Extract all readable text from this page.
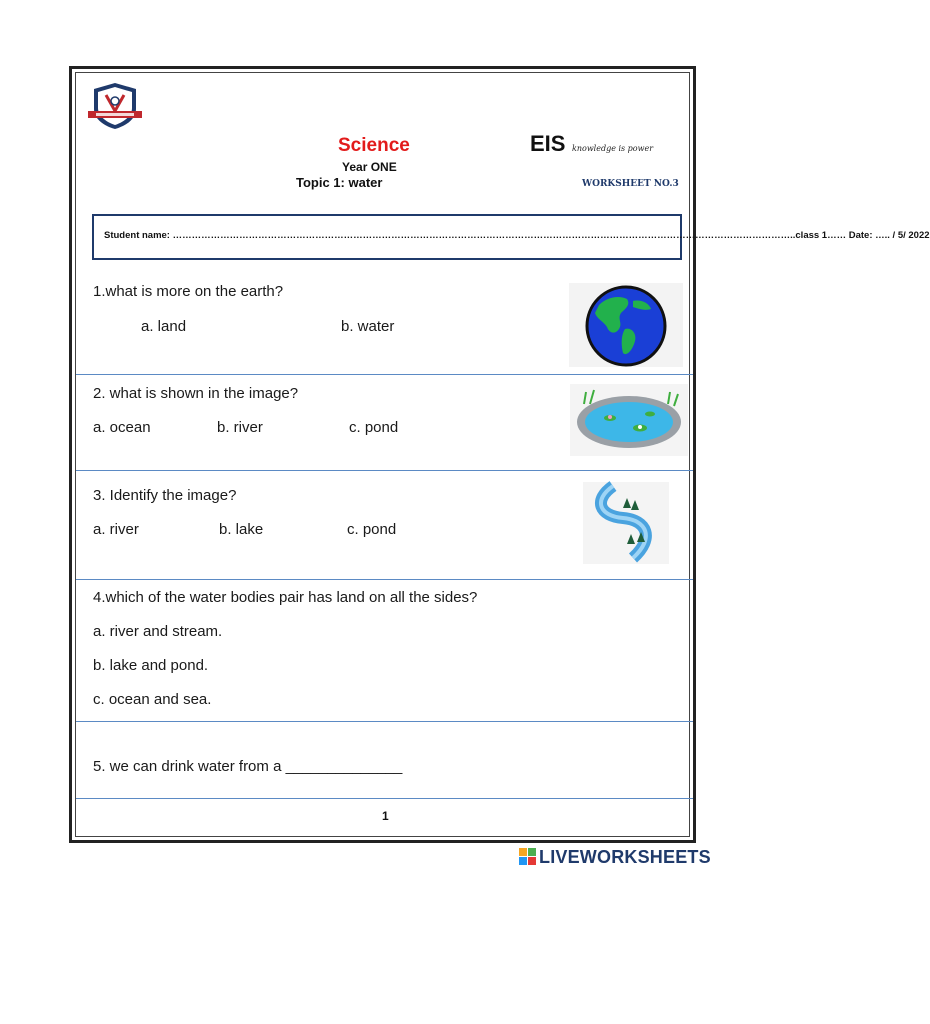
Science
Year ONE
Topic 1: water
EIS knowledge is power
WORKSHEET NO.3
Student name: ……………………………………………………………………………………………………………………………………………………………………………..class 1…… Date: ….. / 5/ 2022
1.what is more on the earth?
a. land	b. water
2. what is shown in the image?
a. ocean	b. river	c. pond
3. Identify the image?
a. river	b. lake	c. pond
4.which of the water bodies pair has land on all the sides?
a. river and stream.
b. lake and pond.
c. ocean and sea.
5. we can drink water from a ______________
1
LIVEWORKSHEETS
